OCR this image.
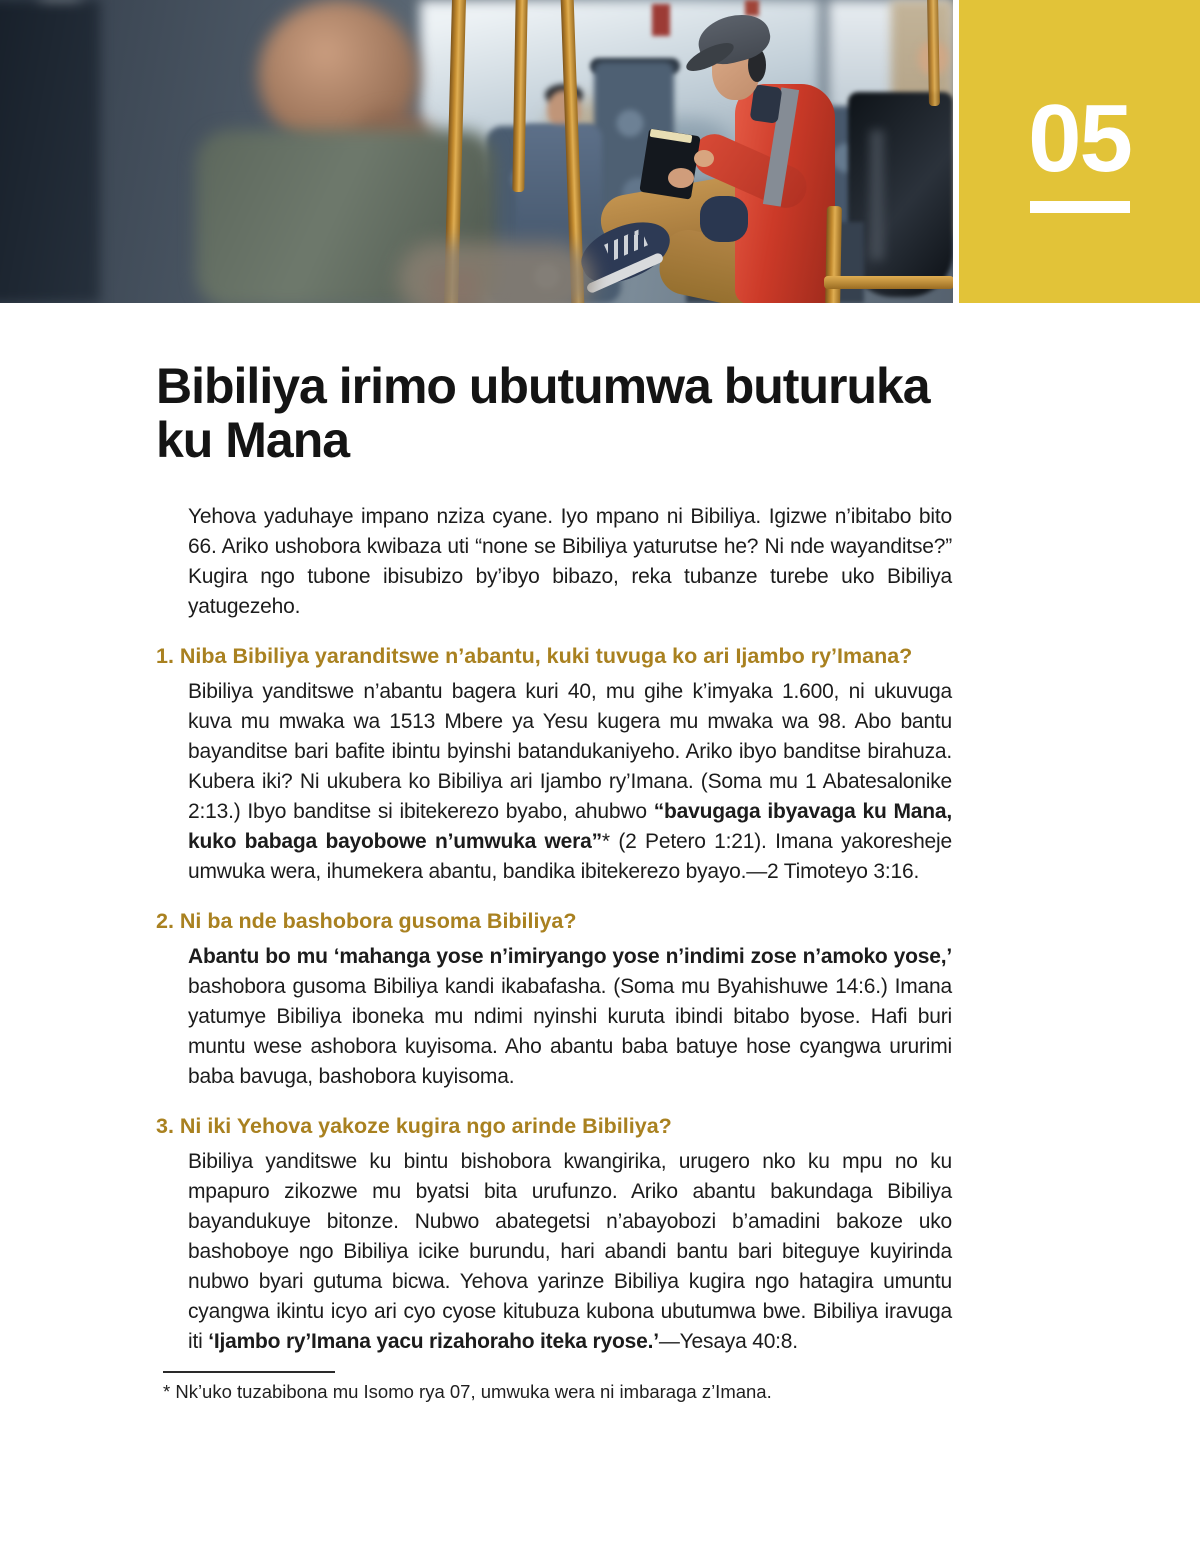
05
Bibiliya irimo ubutumwa buturuka ku Mana

Yehova yaduhaye impano nziza cyane. Iyo mpano ni Bibiliya. Igizwe n’ibitabo bito 66. Ariko ushobora kwibaza uti “none se Bibiliya yaturutse he? Ni nde wayanditse?” Kugira ngo tubone ibisubizo by’ibyo bibazo, reka tubanze turebe uko Bibiliya yatugezeho.

1. Niba Bibiliya yaranditswe n’abantu, kuki tuvuga ko ari Ijambo ry’Imana?

Bibiliya yanditswe n’abantu bagera kuri 40, mu gihe k’imyaka 1.600, ni ukuvuga kuva mu mwaka wa 1513 Mbere ya Yesu kugera mu mwaka wa 98. Abo bantu bayanditse bari bafite ibintu byinshi batandukaniyeho. Ariko ibyo banditse birahuza. Kubera iki? Ni ukubera ko Bibiliya ari Ijambo ry’Imana. (Soma mu 1 Abatesalonike 2:13.) Ibyo banditse si ibitekerezo byabo, ahubwo “bavugaga ibyavaga ku Mana, kuko babaga bayobowe n’umwuka wera”* (2 Petero 1:21). Imana yakoresheje umwuka wera, ihumekera abantu, bandika ibitekerezo byayo.—2 Timoteyo 3:16.

2. Ni ba nde bashobora gusoma Bibiliya?

Abantu bo mu ‘mahanga yose n’imiryango yose n’indimi zose n’amoko yose,’ bashobora gusoma Bibiliya kandi ikabafasha. (Soma mu Byahishuwe 14:6.) Imana yatumye Bibiliya iboneka mu ndimi nyinshi kuruta ibindi bitabo byose. Hafi buri muntu wese ashobora kuyisoma. Aho abantu baba batuye hose cyangwa ururimi baba bavuga, bashobora kuyisoma.

3. Ni iki Yehova yakoze kugira ngo arinde Bibiliya?

Bibiliya yanditswe ku bintu bishobora kwangirika, urugero nko ku mpu no ku mpapuro zikozwe mu byatsi bita urufunzo. Ariko abantu bakundaga Bibiliya bayandukuye bitonze. Nubwo abategetsi n’abayobozi b’amadini bakoze uko bashoboye ngo Bibiliya icike burundu, hari abandi bantu bari biteguye kuyirinda nubwo byari gutuma bicwa. Yehova yarinze Bibiliya kugira ngo hatagira umuntu cyangwa ikintu icyo ari cyo cyose kitubuza kubona ubutumwa bwe. Bibiliya iravuga iti ‘Ijambo ry’Imana yacu rizahoraho iteka ryose.’—Yesaya 40:8.

* Nk’uko tuzabibona mu Isomo rya 07, umwuka wera ni imbaraga z’Imana.
